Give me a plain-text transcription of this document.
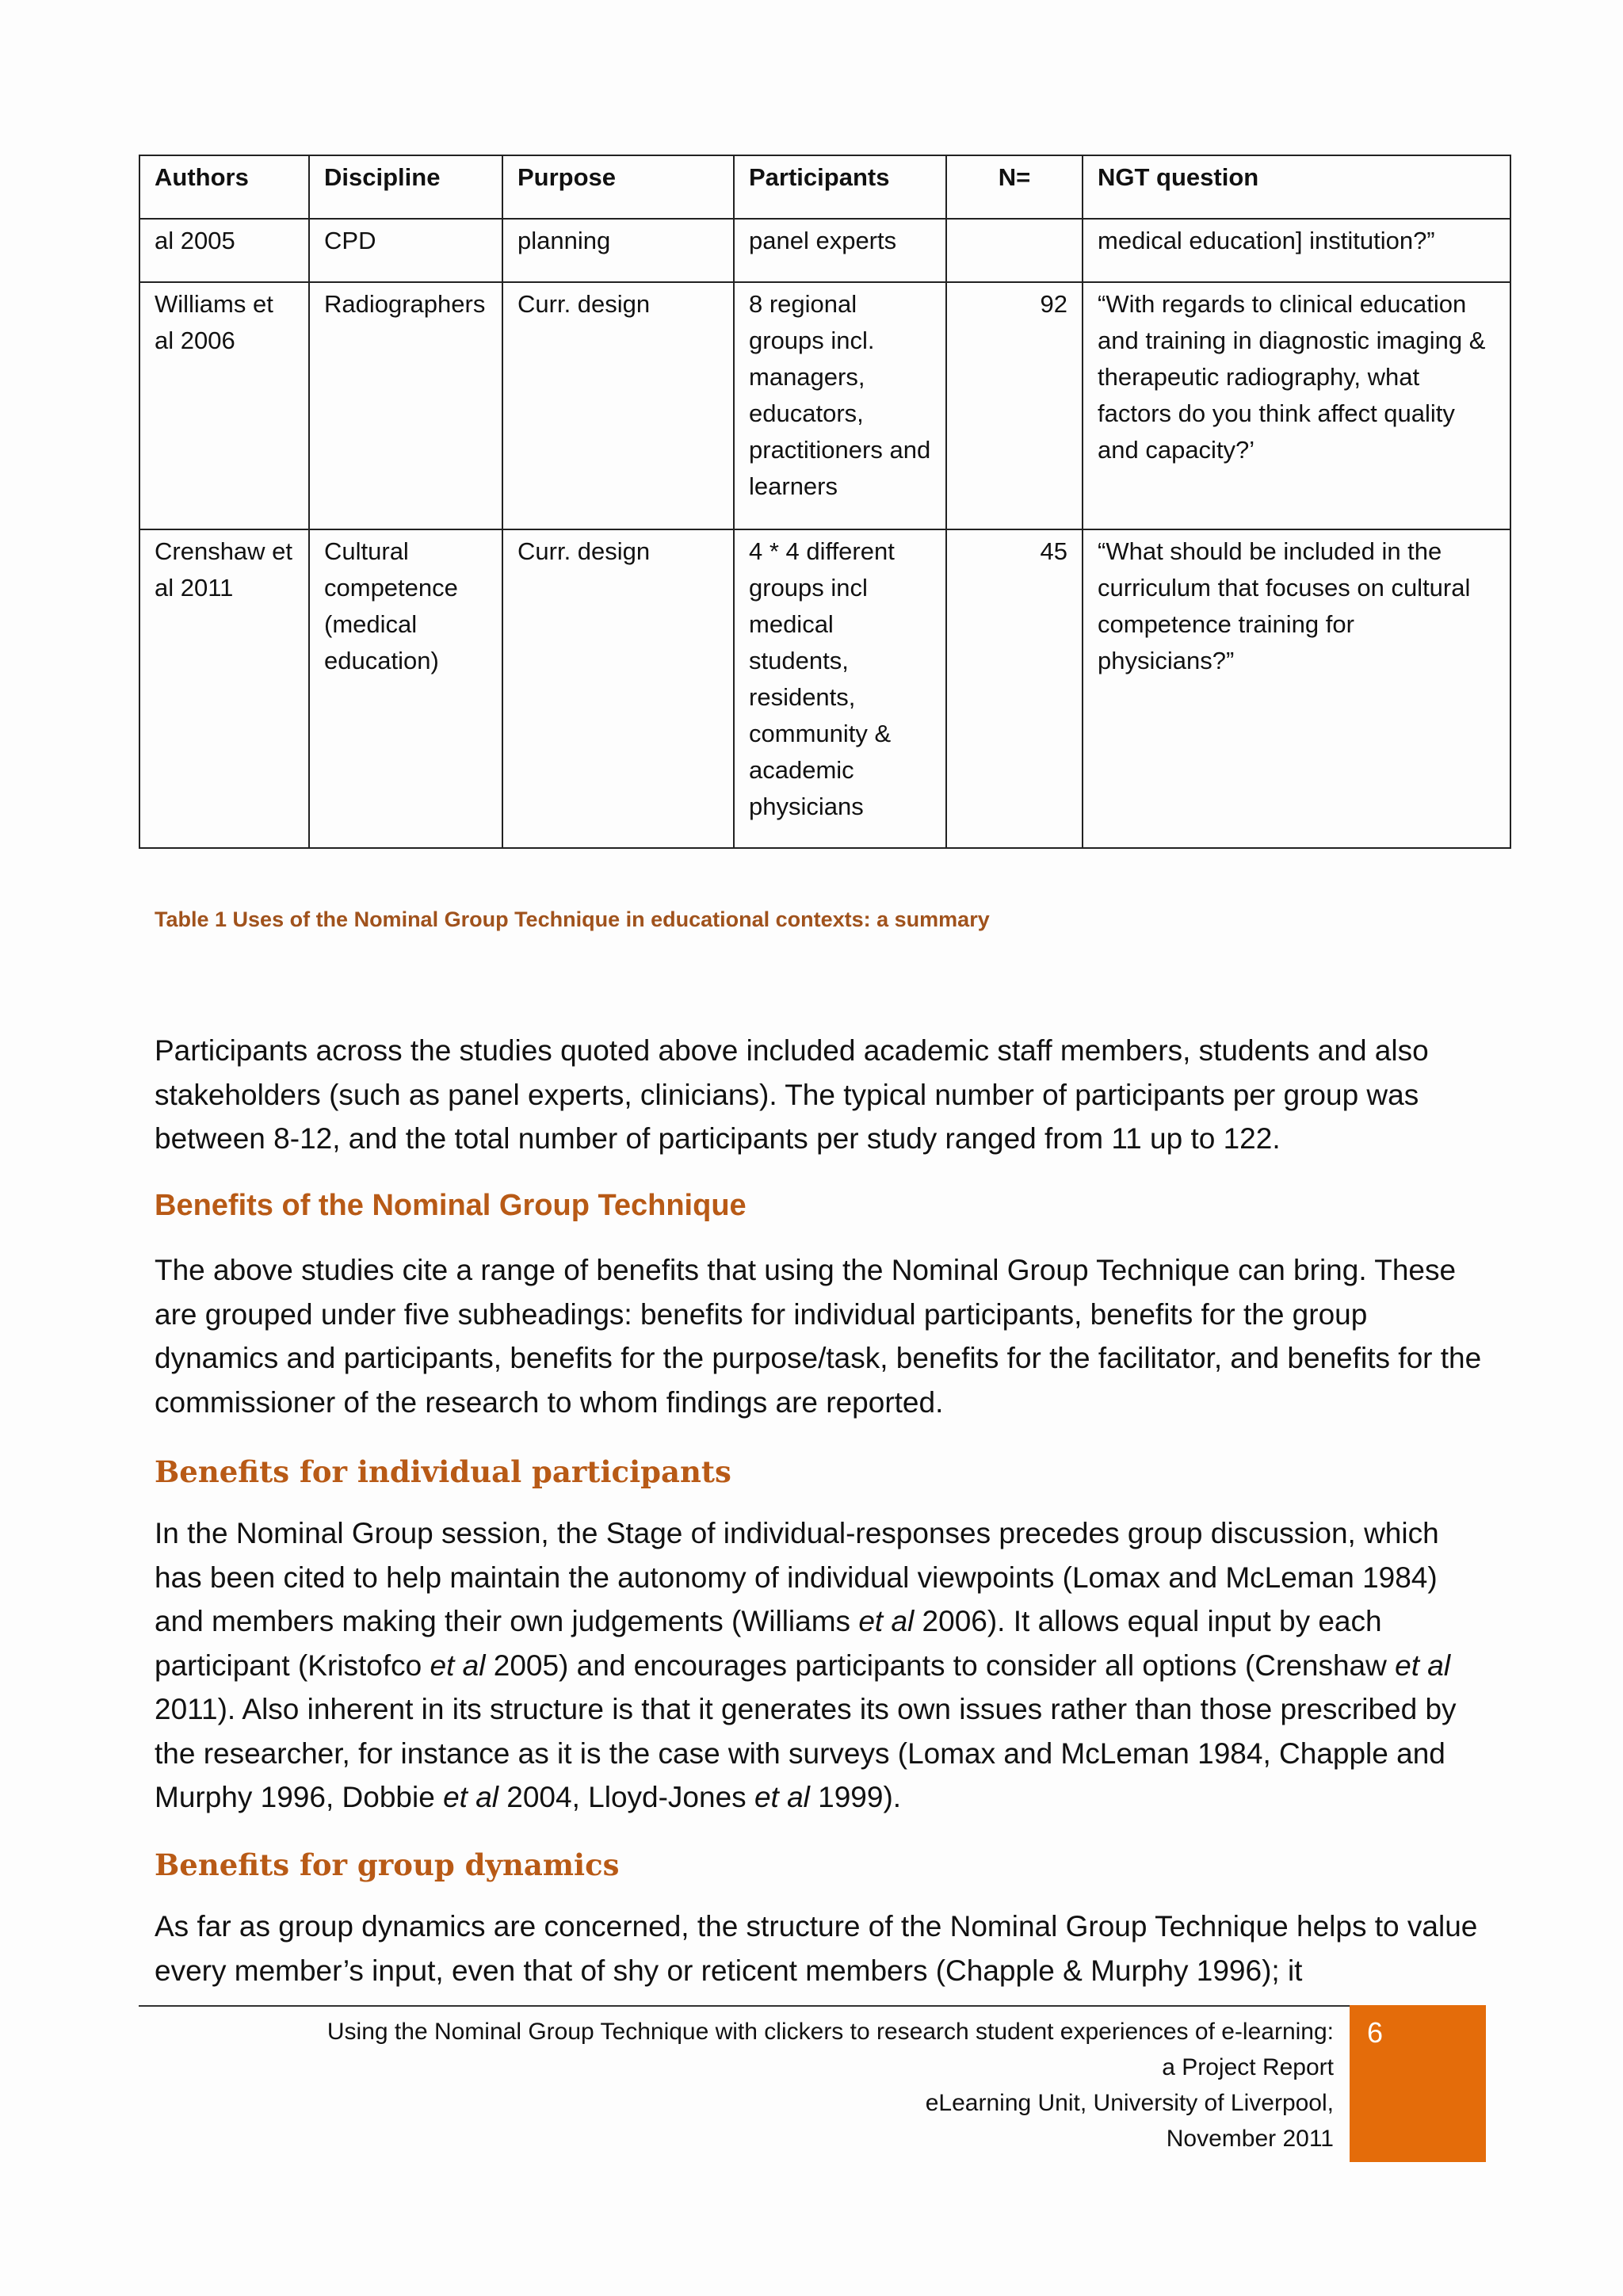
Authors	Discipline	Purpose	Participants	N=	NGT question
al 2005	CPD	planning	panel experts		medical education] institution?”
Williams et al 2006	Radiographers	Curr. design	8 regional groups incl. managers, educators, practitioners and learners	92	“With regards to clinical education and training in diagnostic imaging & therapeutic radiography, what factors do you think affect quality and capacity?’
Crenshaw et al 2011	Cultural competence (medical education)	Curr. design	4 * 4 different groups incl medical students, residents, community & academic physicians	45	“What should be included in the curriculum that focuses on cultural competence training for physicians?”
Table 1 Uses of the Nominal Group Technique in educational contexts: a summary

Participants across the studies quoted above included academic staff members, students and also stakeholders (such as panel experts, clinicians). The typical number of participants per group was between 8-12, and the total number of participants per study ranged from 11 up to 122.

Benefits of the Nominal Group Technique

The above studies cite a range of benefits that using the Nominal Group Technique can bring. These are grouped under five subheadings: benefits for individual participants, benefits for the group dynamics and participants, benefits for the purpose/task, benefits for the facilitator, and benefits for the commissioner of the research to whom findings are reported.

Benefits for individual participants

In the Nominal Group session, the Stage of individual-responses precedes group discussion, which has been cited to help maintain the autonomy of individual viewpoints (Lomax and McLeman 1984) and members making their own judgements (Williams et al 2006). It allows equal input by each participant (Kristofco et al 2005) and encourages participants to consider all options (Crenshaw et al 2011). Also inherent in its structure is that it generates its own issues rather than those prescribed by the researcher, for instance as it is the case with surveys (Lomax and McLeman 1984, Chapple and Murphy 1996, Dobbie et al 2004, Lloyd-Jones et al 1999).

Benefits for group dynamics

As far as group dynamics are concerned, the structure of the Nominal Group Technique helps to value every member’s input, even that of shy or reticent members (Chapple & Murphy 1996); it

Using the Nominal Group Technique with clickers to research student experiences of e-learning:
a Project Report
eLearning Unit, University of Liverpool,
November 2011
6
